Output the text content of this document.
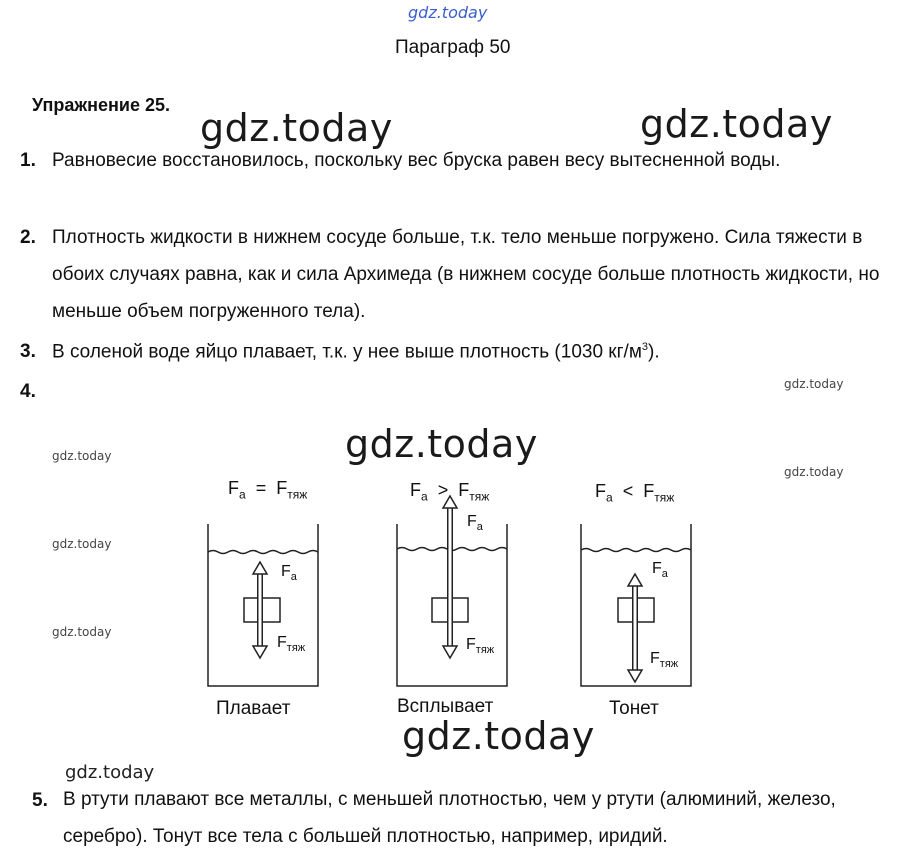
gdz.today
gdz.today	gdz.today
gdz.today
gdz.today
gdz.today
gdz.today
gdz.today
gdz.today
gdz.today
gdz.today
Параграф 50
Упражнение 25.
1. Равновесие восстановилось, поскольку вес бруска равен весу вытесненной воды.
2. Плотность жидкости в нижнем сосуде больше, т.к. тело меньше погружено. Сила тяжести в обоих случаях равна, как и сила Архимеда (в нижнем сосуде больше плотность жидкости, но меньше объем погруженного тела).
3. В соленой воде яйцо плавает, т.к. у нее выше плотность (1030 $кг/м^3$).
4.
$F_a = F_{тяж}$	$F_a > F_{тяж}$	$F_a < F_{тяж}$
$F_a$
$F_{тяж}$
$F_a$
$F_{тяж}$
$F_a$
$F_{тяж}$
Плавает	Всплывает	Тонет
5. В ртути плавают все металлы, с меньшей плотностью, чем у ртути (алюминий, железо, серебро). Тонут все тела с большей плотностью, например, иридий.
